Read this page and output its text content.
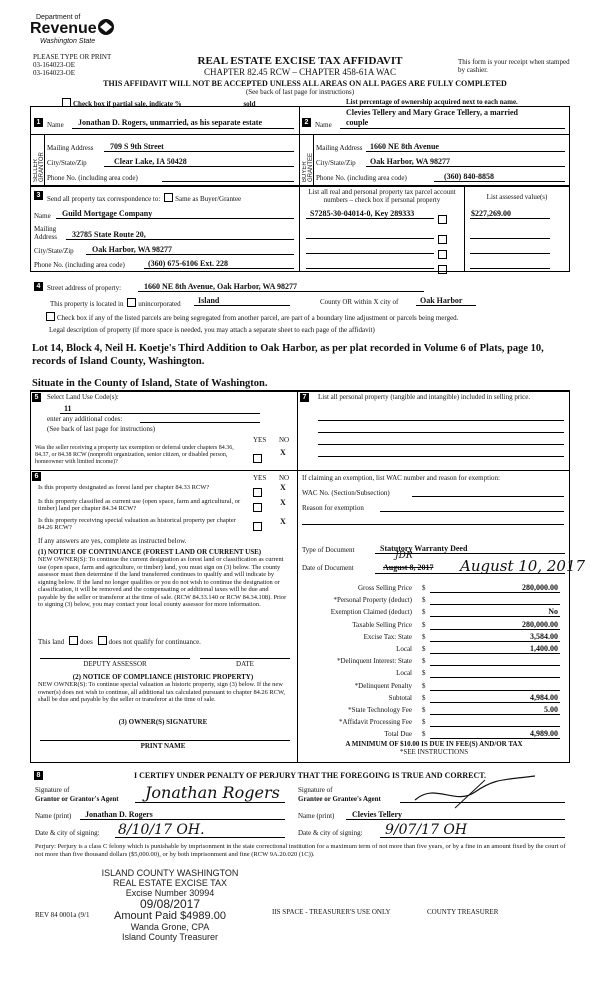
Department of
Revenue
Washington State
PLEASE TYPE OR PRINT
03-164023-OE
03-164023-OE
REAL ESTATE EXCISE TAX AFFIDAVIT
CHAPTER 82.45 RCW – CHAPTER 458-61A WAC
This form is your receipt when stamped by cashier.
THIS AFFIDAVIT WILL NOT BE ACCEPTED UNLESS ALL AREAS ON ALL PAGES ARE FULLY COMPLETED
(See back of last page for instructions)
Check box if partial sale, indicate %	sold	List percentage of ownership acquired next to each name.
1 Name Jonathan D. Rogers, unmarried, as his separate estate
SELLER GRANTOR
Mailing Address 709 S 9th Street
City/State/Zip	Clear Lake, IA 50428
Phone No. (including area code)
2 Name
Clevies Tellery and Mary Grace Tellery, a married
couple
BUYER GRANTEE
Mailing Address 1660 NE 8th Avenue
City/State/Zip Oak Harbor, WA 98277
Phone No. (including area code)	(360) 840-8858
3 Send all property tax correspondence to: Same as Buyer/Grantee
Name Guild Mortgage Company
Mailing
Address 32785 State Route 20,
City/State/Zip Oak Harbor, WA 98277
Phone No. (including area code)	(360) 675-6106 Ext. 228
List all real and personal property tax parcel account numbers – check box if personal property	List assessed value(s)
S7285-30-04014-0, Key 289333	$227,269.00
4 Street address of property:	1660 NE 8th Avenue, Oak Harbor, WA 98277
This property is located in unincorporated Island	County OR within X city of	Oak Harbor
Check box if any of the listed parcels are being segregated from another parcel, are part of a boundary line adjustment or parcels being merged.
Legal description of property (if more space is needed, you may attach a separate sheet to each page of the affidavit)
Lot 14, Block 4, Neil H. Koetje's Third Addition to Oak Harbor, as per plat recorded in Volume 6 of Plats, page 10, records of Island County, Washington.
Situate in the County of Island, State of Washington.
5	Select Land Use Code(s):
11
enter any additional codes:
(See back of last page for instructions)
YES NO
Was the seller receiving a property tax exemption or deferral under chapters 84.36, 84.37, or 84.38 RCW (nonprofit organization, senior citizen, or disabled person, homeowner with limited income)?
X
6	YES NO
Is this property designated as forest land per chapter 84.33 RCW?	X
Is this property classified as current use (open space, farm and agricultural, or timber) land per chapter 84.34 RCW?
X
Is this property receiving special valuation as historical property per chapter 84.26 RCW?
X
If any answers are yes, complete as instructed below.
(1) NOTICE OF CONTINUANCE (FOREST LAND OR CURRENT USE)
NEW OWNER(S): To continue the current designation as forest land or classification as current use (open space, farm and agriculture, or timber) land, you must sign on (3) below. The county assessor must then determine if the land transferred continues to qualify and will indicate by signing below. If the land no longer qualifies or you do not wish to continue the designation or classification, it will be removed and the compensating or additional taxes will be due and payable by the seller or transferor at the time of sale. (RCW 84.33.140 or RCW 84.34.108). Prior to signing (3) below, you may contact your local county assessor for more information.
This land does does not qualify for continuance.
DEPUTY ASSESSOR	DATE
(2) NOTICE OF COMPLIANCE (HISTORIC PROPERTY)
NEW OWNER(S): To continue special valuation as historic property, sign (3) below. If the new owner(s) does not wish to continue, all additional tax calculated pursuant to chapter 84.26 RCW, shall be due and payable by the seller or transferor at the time of sale.
(3) OWNER(S) SIGNATURE
PRINT NAME
7	List all personal property (tangible and intangible) included in selling price.
If claiming an exemption, list WAC number and reason for exemption:
WAC No. (Section/Subsection)
Reason for exemption
Type of Document	Statutory Warranty Deed
Date of Document	August 8, 2017 August 10, 2017
JDR
Gross Selling Price $	280,000.00
*Personal Property (deduct) $
Exemption Claimed (deduct) $	No
Taxable Selling Price $	280,000.00
Excise Tax: State $	3,584.00
Local $	1,400.00
*Delinquent Interest: State $
Local $
*Delinquent Penalty $
Subtotal $	4,984.00
*State Technology Fee $	5.00
*Affidavit Processing Fee $
Total Due $	4,989.00
A MINIMUM OF $10.00 IS DUE IN FEE(S) AND/OR TAX
*SEE INSTRUCTIONS
8	I CERTIFY UNDER PENALTY OF PERJURY THAT THE FOREGOING IS TRUE AND CORRECT.
Signature of
Grantor or Grantor's Agent Jonathan Rogers	Signature of
Grantee or Grantee's Agent
Name (print) Jonathan D. Rogers	Name (print) Clevies Tellery
Date & city of signing: 8/10/17 OH.	Date & city of signing: 9/07/17 OH
Perjury: Perjury is a class C felony which is punishable by imprisonment in the state correctional institution for a maximum term of not more than five years, or by a fine in an amount fixed by the court of not more than five thousand dollars ($5,000.00), or by both imprisonment and fine (RCW 9A.20.020 (1C)).
ISLAND COUNTY WASHINGTON
REAL ESTATE EXCISE TAX
Excise Number 30994
09/08/2017
Amount Paid $4989.00
Wanda Grone, CPA
Island County Treasurer
REV 84 0001a (9/1	IIS SPACE - TREASURER'S USE ONLY	COUNTY TREASURER
